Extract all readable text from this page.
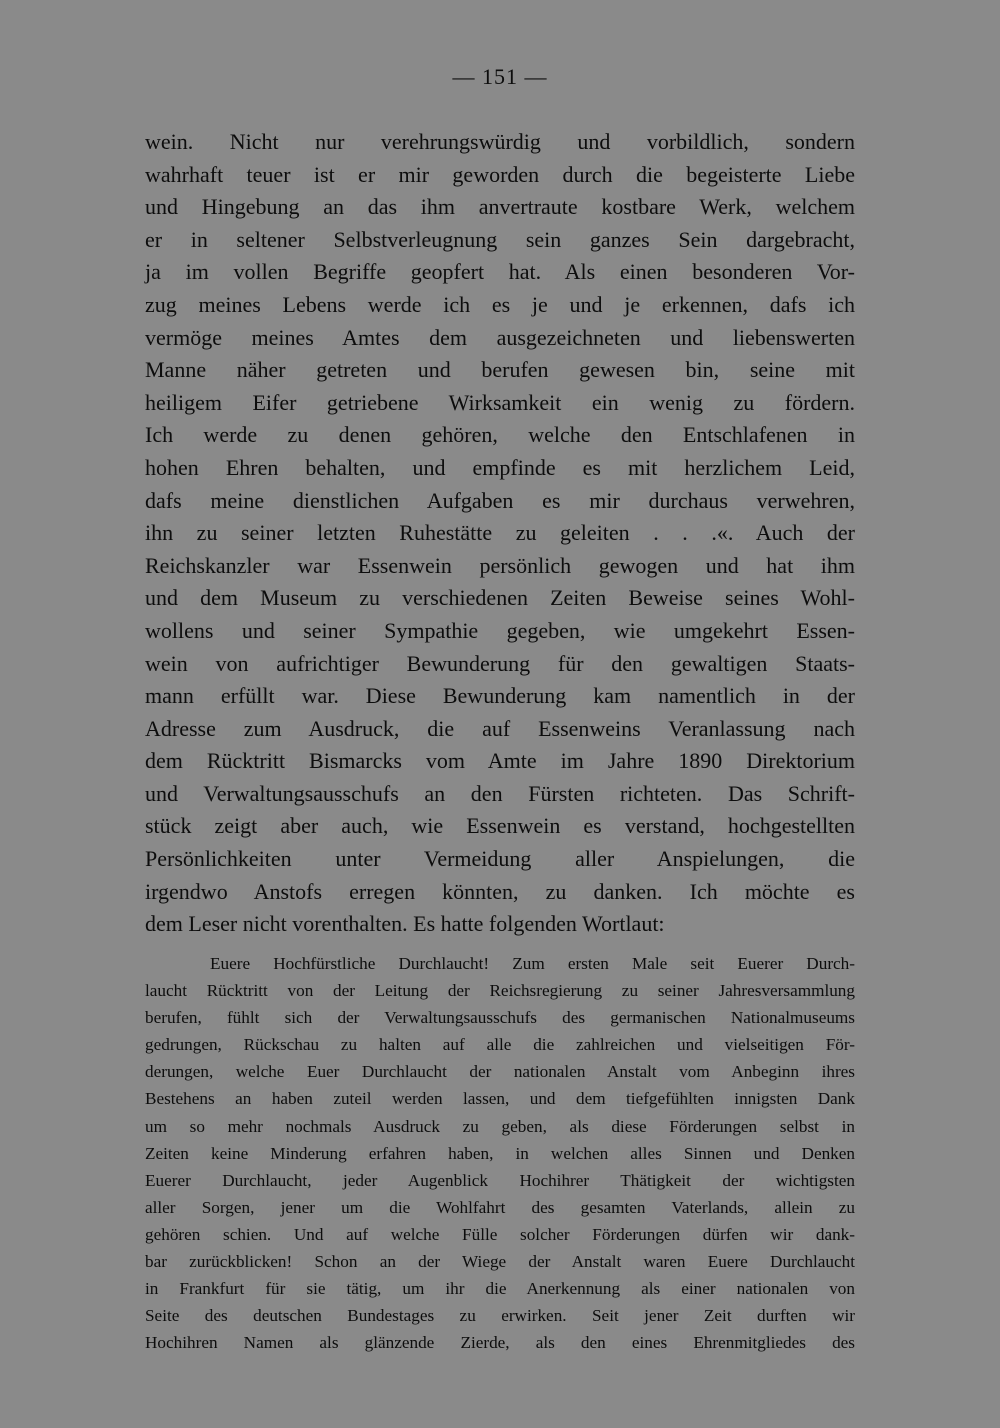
— 151 —
wein. Nicht nur verehrungswürdig und vorbildlich, sondern
wahrhaft teuer ist er mir geworden durch die begeisterte Liebe
und Hingebung an das ihm anvertraute kostbare Werk, welchem
er in seltener Selbstverleugnung sein ganzes Sein dargebracht,
ja im vollen Begriffe geopfert hat. Als einen besonderen Vor-
zug meines Lebens werde ich es je und je erkennen, dafs ich
vermöge meines Amtes dem ausgezeichneten und liebenswerten
Manne näher getreten und berufen gewesen bin, seine mit
heiligem Eifer getriebene Wirksamkeit ein wenig zu fördern.
Ich werde zu denen gehören, welche den Entschlafenen in
hohen Ehren behalten, und empfinde es mit herzlichem Leid,
dafs meine dienstlichen Aufgaben es mir durchaus verwehren,
ihn zu seiner letzten Ruhestätte zu geleiten . . .«. Auch der
Reichskanzler war Essenwein persönlich gewogen und hat ihm
und dem Museum zu verschiedenen Zeiten Beweise seines Wohl-
wollens und seiner Sympathie gegeben, wie umgekehrt Essen-
wein von aufrichtiger Bewunderung für den gewaltigen Staats-
mann erfüllt war. Diese Bewunderung kam namentlich in der
Adresse zum Ausdruck, die auf Essenweins Veranlassung nach
dem Rücktritt Bismarcks vom Amte im Jahre 1890 Direktorium
und Verwaltungsausschufs an den Fürsten richteten. Das Schrift-
stück zeigt aber auch, wie Essenwein es verstand, hochgestellten
Persönlichkeiten unter Vermeidung aller Anspielungen, die
irgendwo Anstofs erregen könnten, zu danken. Ich möchte es
dem Leser nicht vorenthalten. Es hatte folgenden Wortlaut:
Euere Hochfürstliche Durchlaucht! Zum ersten Male seit Euerer Durch-
laucht Rücktritt von der Leitung der Reichsregierung zu seiner Jahresversammlung
berufen, fühlt sich der Verwaltungsausschufs des germanischen Nationalmuseums
gedrungen, Rückschau zu halten auf alle die zahlreichen und vielseitigen För-
derungen, welche Euer Durchlaucht der nationalen Anstalt vom Anbeginn ihres
Bestehens an haben zuteil werden lassen, und dem tiefgefühlten innigsten Dank
um so mehr nochmals Ausdruck zu geben, als diese Förderungen selbst in
Zeiten keine Minderung erfahren haben, in welchen alles Sinnen und Denken
Euerer Durchlaucht, jeder Augenblick Hochihrer Thätigkeit der wichtigsten
aller Sorgen, jener um die Wohlfahrt des gesamten Vaterlands, allein zu
gehören schien. Und auf welche Fülle solcher Förderungen dürfen wir dank-
bar zurückblicken! Schon an der Wiege der Anstalt waren Euere Durchlaucht
in Frankfurt für sie tätig, um ihr die Anerkennung als einer nationalen von
Seite des deutschen Bundestages zu erwirken. Seit jener Zeit durften wir
Hochihren Namen als glänzende Zierde, als den eines Ehrenmitgliedes des
